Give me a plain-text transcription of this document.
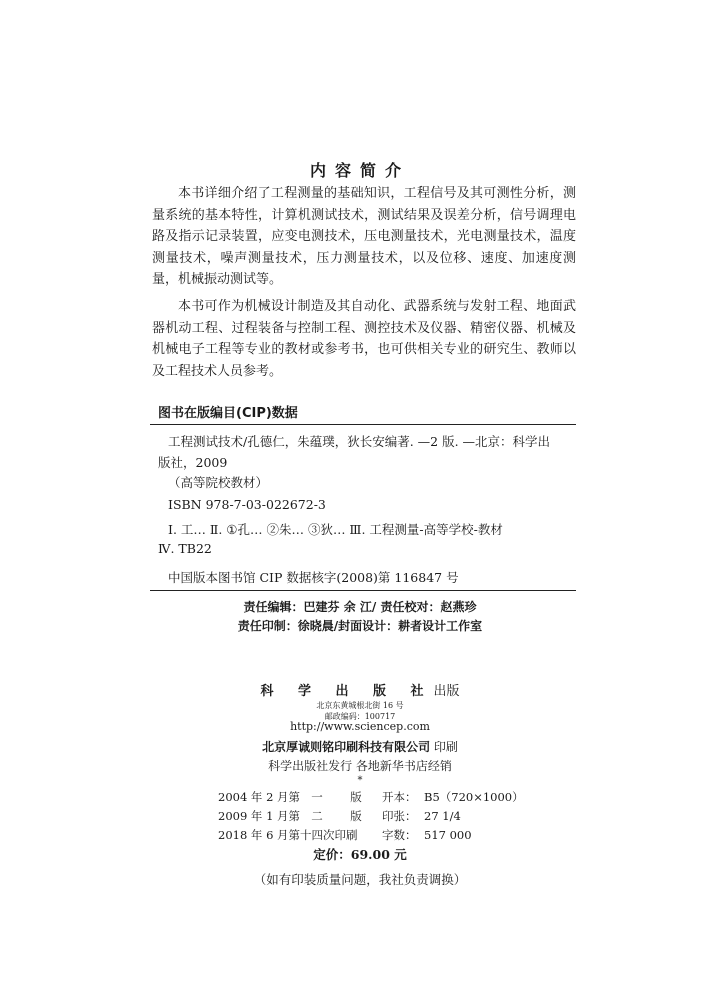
内容简介
本书详细介绍了工程测量的基础知识，工程信号及其可测性分析，测量系统的基本特性，计算机测试技术，测试结果及误差分析，信号调理电路及指示记录装置，应变电测技术，压电测量技术，光电测量技术，温度测量技术，噪声测量技术，压力测量技术，以及位移、速度、加速度测量，机械振动测试等。
本书可作为机械设计制造及其自动化、武器系统与发射工程、地面武器机动工程、过程装备与控制工程、测控技术及仪器、精密仪器、机械及机械电子工程等专业的教材或参考书，也可供相关专业的研究生、教师以及工程技术人员参考。
图书在版编目(CIP)数据
工程测试技术/孔德仁，朱蕴璞，狄长安编著. —2 版. —北京：科学出
版社，2009
（高等院校教材）
ISBN 978-7-03-022672-3
Ⅰ. 工… Ⅱ. ①孔… ②朱… ③狄… Ⅲ. 工程测量-高等学校-教材
Ⅳ. TB22
中国版本图书馆 CIP 数据核字(2008)第 116847 号
责任编辑：巴建芬 余 江/ 责任校对：赵燕珍
责任印制：徐晓晨/封面设计：耕者设计工作室
科 学 出 版 社出版
北京东黄城根北街 16 号
邮政编码：100717
http://www.sciencep.com
北京厚诚则铭印刷科技有限公司 印刷
科学出版社发行 各地新华书店经销
*
2004 年 2 月第 一 版 开本： B5（720×1000）
2009 年 1 月第 二 版 印张： 27 1/4
2018 年 6 月第十四次印刷 字数： 517 000
定价：69.00 元
（如有印装质量问题，我社负责调换）
